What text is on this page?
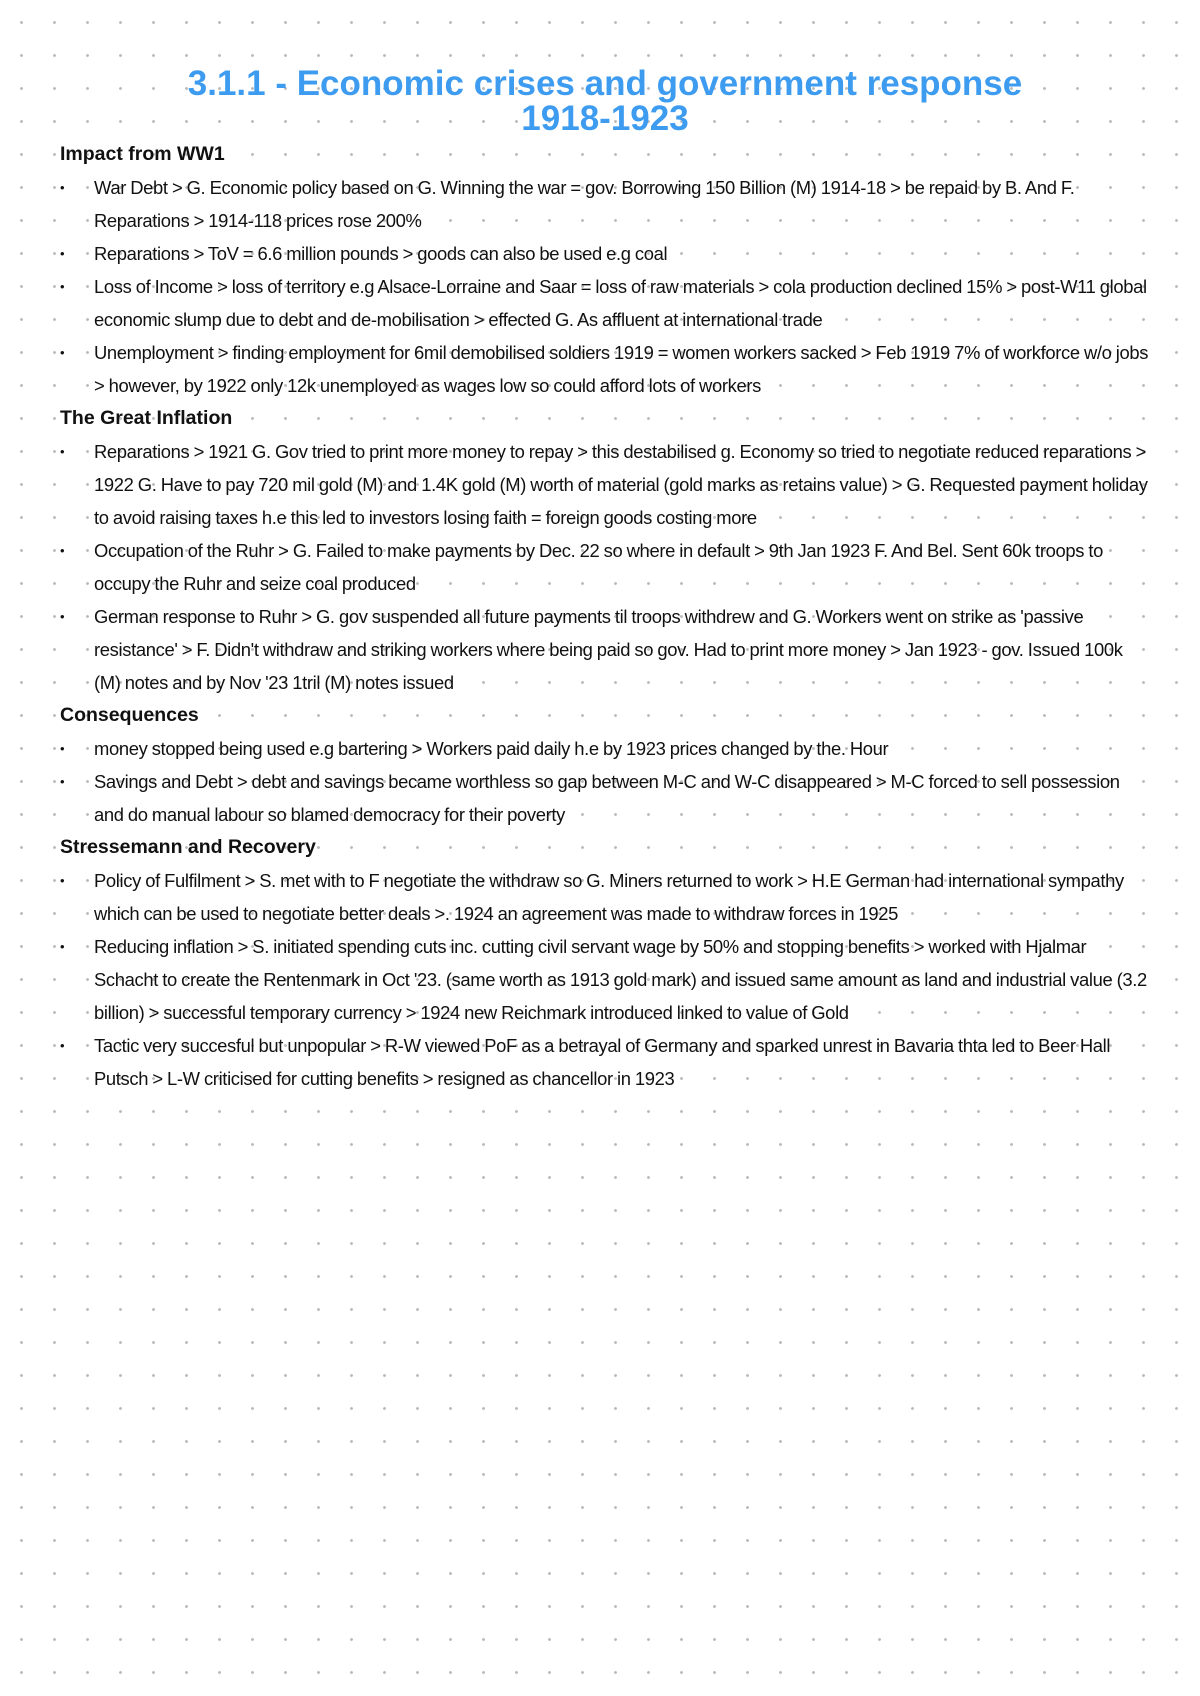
3.1.1 - Economic crises and government response
1918-1923
Impact from WW1
• War Debt > G. Economic policy based on G. Winning the war = gov. Borrowing 150 Billion (M) 1914-18 > be repaid by B. And F. Reparations > 1914-118 prices rose 200%
• Reparations > ToV = 6.6 million pounds > goods can also be used e.g coal
• Loss of Income > loss of territory e.g Alsace-Lorraine and Saar = loss of raw materials > cola production declined 15% > post-W11 global economic slump due to debt and de-mobilisation > effected G. As affluent at international trade
• Unemployment > finding employment for 6mil demobilised soldiers 1919 = women workers sacked > Feb 1919 7% of workforce w/o jobs > however, by 1922 only 12k unemployed as wages low so could afford lots of workers
The Great Inflation
• Reparations > 1921 G. Gov tried to print more money to repay > this destabilised g. Economy so tried to negotiate reduced reparations > 1922 G. Have to pay 720 mil gold (M) and 1.4K gold (M) worth of material (gold marks as retains value) > G. Requested payment holiday to avoid raising taxes h.e this led to investors losing faith = foreign goods costing more
• Occupation of the Ruhr > G. Failed to make payments by Dec. 22 so where in default > 9th Jan 1923 F. And Bel. Sent 60k troops to occupy the Ruhr and seize coal produced
• German response to Ruhr > G. gov suspended all future payments til troops withdrew and G. Workers went on strike as 'passive resistance' > F. Didn't withdraw and striking workers where being paid so gov. Had to print more money > Jan 1923 - gov. Issued 100k (M) notes and by Nov '23 1tril (M) notes issued
Consequences
• money stopped being used e.g bartering > Workers paid daily h.e by 1923 prices changed by the. Hour
• Savings and Debt > debt and savings became worthless so gap between M-C and W-C disappeared > M-C forced to sell possession and do manual labour so blamed democracy for their poverty
Stressemann and Recovery
• Policy of Fulfilment > S. met with to F negotiate the withdraw so G. Miners returned to work > H.E German had international sympathy which can be used to negotiate better deals >. 1924 an agreement was made to withdraw forces in 1925
• Reducing inflation > S. initiated spending cuts inc. cutting civil servant wage by 50% and stopping benefits > worked with Hjalmar Schacht to create the Rentenmark in Oct '23. (same worth as 1913 gold mark) and issued same amount as land and industrial value (3.2 billion) > successful temporary currency > 1924 new Reichmark introduced linked to value of Gold
• Tactic very succesful but unpopular > R-W viewed PoF as a betrayal of Germany and sparked unrest in Bavaria thta led to Beer Hall Putsch > L-W criticised for cutting benefits > resigned as chancellor in 1923
